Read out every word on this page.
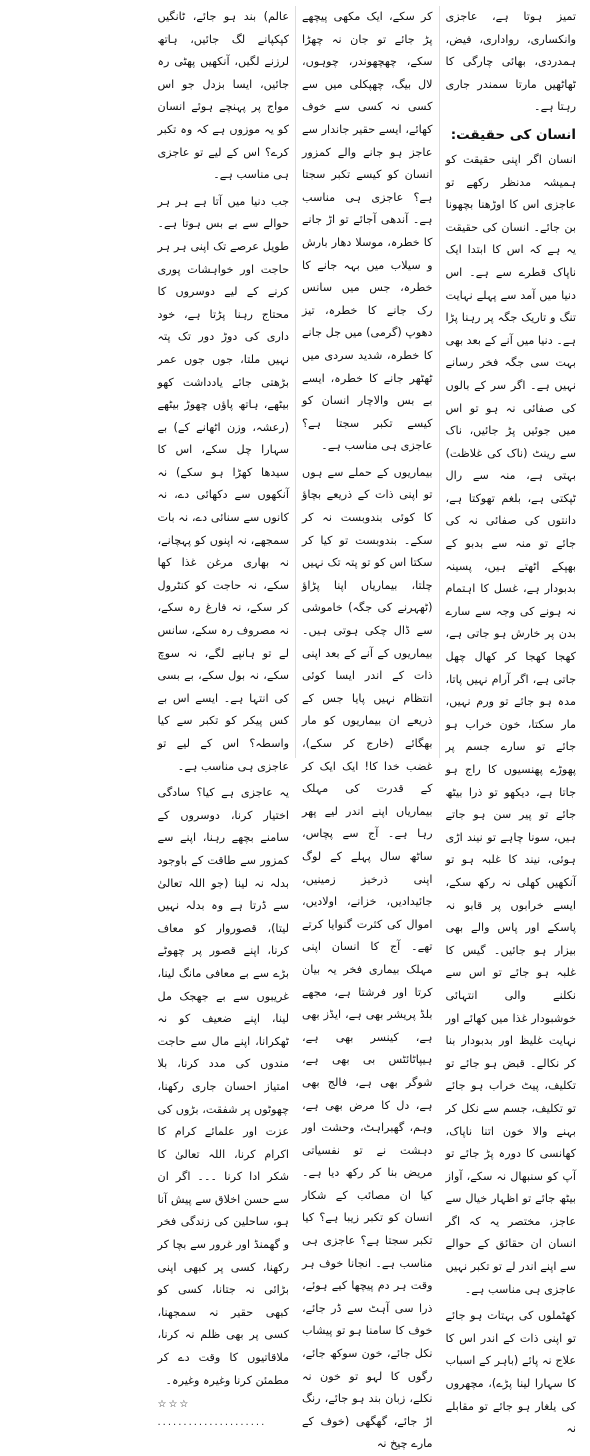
تمیز ہوتا ہے، عاجزی وانکساری، رواداری، فیض، ہمدردی، بھائی چارگی کا ٹھاٹھیں مارتا سمندر جاری رہتا ہے۔

انسان کی حقیقت:

انسان اگر اپنی حقیقت کو ہمیشہ مدنظر رکھے تو عاجزی اس کا اوڑھنا بچھونا بن جائے۔ انسان کی حقیقت یہ ہے کہ اس کا ابتدا ایک ناپاک قطرے سے ہے۔ اس دنیا میں آمد سے پہلے نہایت تنگ و تاریک جگہ پر رہنا پڑا ہے۔ دنیا میں آنے کے بعد بھی بہت سی جگہ فخر رسانے نہیں ہے۔ اگر سر کے بالوں کی صفائی نہ ہو تو اس میں جوئیں پڑ جائیں، ناک سے رینٹ (ناک کی غلاظت) بہتی ہے، منہ سے رال ٹپکتی ہے، بلغم تھوکتا ہے، دانتوں کی صفائی نہ کی جائے تو منہ سے بدبو کے بھپکے اٹھتے ہیں، پسینہ بدبودار ہے، غسل کا اہتمام نہ ہونے کی وجہ سے سارے بدن پر خارش ہو جاتی ہے، کھجا کھجا کر کھال چھل جاتی ہے، اگر آرام نہیں پاتا، مدہ ہو جائے تو ورم نہیں، مار سکتا، خون خراب ہو جائے تو سارے جسم پر پھوڑے پھنسیوں کا راج ہو جاتا ہے، دیکھو تو ذرا بیٹھ جائے تو پیر سن ہو جاتے ہیں، سونا چاہے تو نیند اڑی ہوئی، نیند کا غلبہ ہو تو آنکھیں کھلی نہ رکھ سکے، ایسے خرابوں پر قابو نہ پاسکے اور پاس والے بھی بیزار ہو جائیں۔ گیس کا غلبہ ہو جائے تو اس سے نکلنے والی انتہائی خوشبودار غذا میں کھائے اور نہایت غلیظ اور بدبودار بنا کر نکالے۔ قبض ہو جائے تو تکلیف، پیٹ خراب ہو جائے تو تکلیف، جسم سے نکل کر بہنے والا خون اتنا ناپاک، کھانسی کا دورہ پڑ جائے تو آپ کو سنبھال نہ سکے، آواز بیٹھ جائے تو اظہار خیال سے عاجز، مختصر یہ کہ اگر انسان ان حقائق کے حوالے سے اپنے اندر لے تو تکبر نہیں عاجزی ہی مناسب ہے۔

کھٹملوں کی بہتات ہو جائے تو اپنی ذات کے اندر اس کا علاج نہ پائے (باہر کے اسباب کا سہارا لینا پڑے)، مچھروں کی یلغار ہو جائے تو مقابلے نہ

کر سکے، ایک مکھی پیچھے پڑ جائے تو جان نہ چھڑا سکے، چھچھوندر، چوہوں، لال بیگ، چھپکلی میں سے کسی نہ کسی سے خوف کھائے، ایسے حقیر جاندار سے عاجز ہو جانے والے کمزور انسان کو کیسے تکبر سجتا ہے؟ عاجزی ہی مناسب ہے۔ آندھی آجائے تو اڑ جانے کا خطرہ، موسلا دھار بارش و سیلاب میں بہہ جانے کا خطرہ، جس میں سانس رک جانے کا خطرہ، تیز دھوپ (گرمی) میں جل جانے کا خطرہ، شدید سردی میں ٹھٹھر جانے کا خطرہ، ایسے بے بس والاچار انسان کو کیسے تکبر سجتا ہے؟ عاجزی ہی مناسب ہے۔

بیماریوں کے حملے سے ہوں تو اپنی ذات کے ذریعے بچاؤ کا کوئی بندوبست نہ کر سکے۔ بندوبست تو کیا کر سکتا اس کو تو پتہ تک نہیں چلتا، بیماریاں اپنا پڑاؤ (ٹھہرنے کی جگہ) خاموشی سے ڈال چکی ہوتی ہیں۔ بیماریوں کے آنے کے بعد اپنی ذات کے اندر ایسا کوئی انتظام نہیں پایا جس کے ذریعے ان بیماریوں کو مار بھگائے (خارج کر سکے)، غضب خدا کا! ایک ایک کر کے قدرت کی مہلک بیماریاں اپنے اندر لیے پھر رہا ہے۔ آج سے پچاس، ساٹھ سال پہلے کے لوگ اپنی ذرخیز زمینیں، جائیدادیں، خزانے، اولادیں، اموال کی کثرت گنوایا کرتے تھے۔ آج کا انسان اپنی مہلک بیماری فخر یہ بیان کرتا اور فرشتا ہے، مجھے بلڈ پریشر بھی ہے، ایڈز بھی ہے، کینسر بھی ہے، ہیپاٹائٹس بی بھی ہے، شوگر بھی ہے، فالج بھی ہے، دل کا مرض بھی ہے، وہم، گھبراہٹ، وحشت اور دہشت نے تو نفسیاتی مریض بنا کر رکھ دیا ہے۔ کیا ان مصائب کے شکار انسان کو تکبر زیبا ہے؟ کیا تکبر سجتا ہے؟ عاجزی ہی مناسب ہے۔ انجانا خوف ہر وقت ہر دم پیچھا کیے ہوئے، ذرا سی آہٹ سے ڈر جائے، خوف کا سامنا ہو تو پیشاب نکل جائے، خون سوکھ جائے، رگوں کا لہو تو خون نہ نکلے، زبان بند ہو جائے، رنگ اڑ جائے، گھگھی (خوف کے مارے چیخ نہ

عالم) بند ہو جائے، ٹانگیں کپکپانے لگ جائیں، ہاتھ لرزنے لگیں، آنکھیں پھٹی رہ جائیں، ایسا بزدل جو اس مواج پر پہنچے ہوئے انسان کو یہ موزوں ہے کہ وہ تکبر کرے؟ اس کے لیے تو عاجزی ہی مناسب ہے۔

جب دنیا میں آتا ہے ہر ہر حوالے سے بے بس ہوتا ہے۔ طویل عرصے تک اپنی ہر ہر حاجت اور خواہشات پوری کرنے کے لیے دوسروں کا محتاج رہنا پڑتا ہے، خود داری کی دوڑ دور تک پتہ نہیں ملتا، جوں جوں عمر بڑھتی جائے یادداشت کھو بیٹھے، ہاتھ پاؤں چھوڑ بیٹھے (رعشہ، وزن اٹھانے کے) بے سہارا چل سکے، اس کا سیدھا کھڑا ہو سکے) نہ آنکھوں سے دکھائی دے، نہ کانوں سے سنائی دے، نہ بات سمجھے، نہ اپنوں کو پہچانے، نہ بھاری مرغن غذا کھا سکے، نہ حاجت کو کنٹرول کر سکے، نہ فارغ رہ سکے، نہ مصروف رہ سکے، سانس لے تو ہانپے لگے، نہ سوچ سکے، نہ بول سکے، بے بسی کی انتہا ہے۔ ایسے اس بے کس پیکر کو تکبر سے کیا واسطہ؟ اس کے لیے تو عاجزی ہی مناسب ہے۔

یہ عاجزی ہے کیا؟ سادگی اختیار کرنا، دوسروں کے سامنے بچھے رہنا، اپنے سے کمزور سے طاقت کے باوجود بدلہ نہ لینا (جو اللہ تعالیٰ سے ڈرتا ہے وہ بدلہ نہیں لیتا)، قصوروار کو معاف کرنا، اپنے قصور پر چھوٹے بڑے سے بے معافی مانگ لینا، غریبوں سے بے جھجک مل لینا، اپنے ضعیف کو نہ ٹھکرانا، اپنے مال سے حاجت مندوں کی مدد کرنا، بلا امتیاز احسان جاری رکھنا، چھوٹوں پر شفقت، بڑوں کی عزت اور علمائے کرام کا اکرام کرنا، اللہ تعالیٰ کا شکر ادا کرنا ۔۔۔ اگر ان سے حسن اخلاق سے پیش آنا ہو، ساحلین کی زندگی فخر و گھمنڈ اور غرور سے بچا کر رکھنا، کسی پر کبھی اپنی بڑائی نہ جتانا، کسی کو کبھی حقیر نہ سمجھنا، کسی پر بھی ظلم نہ کرنا، ملاقاتیوں کا وقت دے کر مطمئن کرنا وغیرہ وغیرہ۔

☆☆☆ .....................
